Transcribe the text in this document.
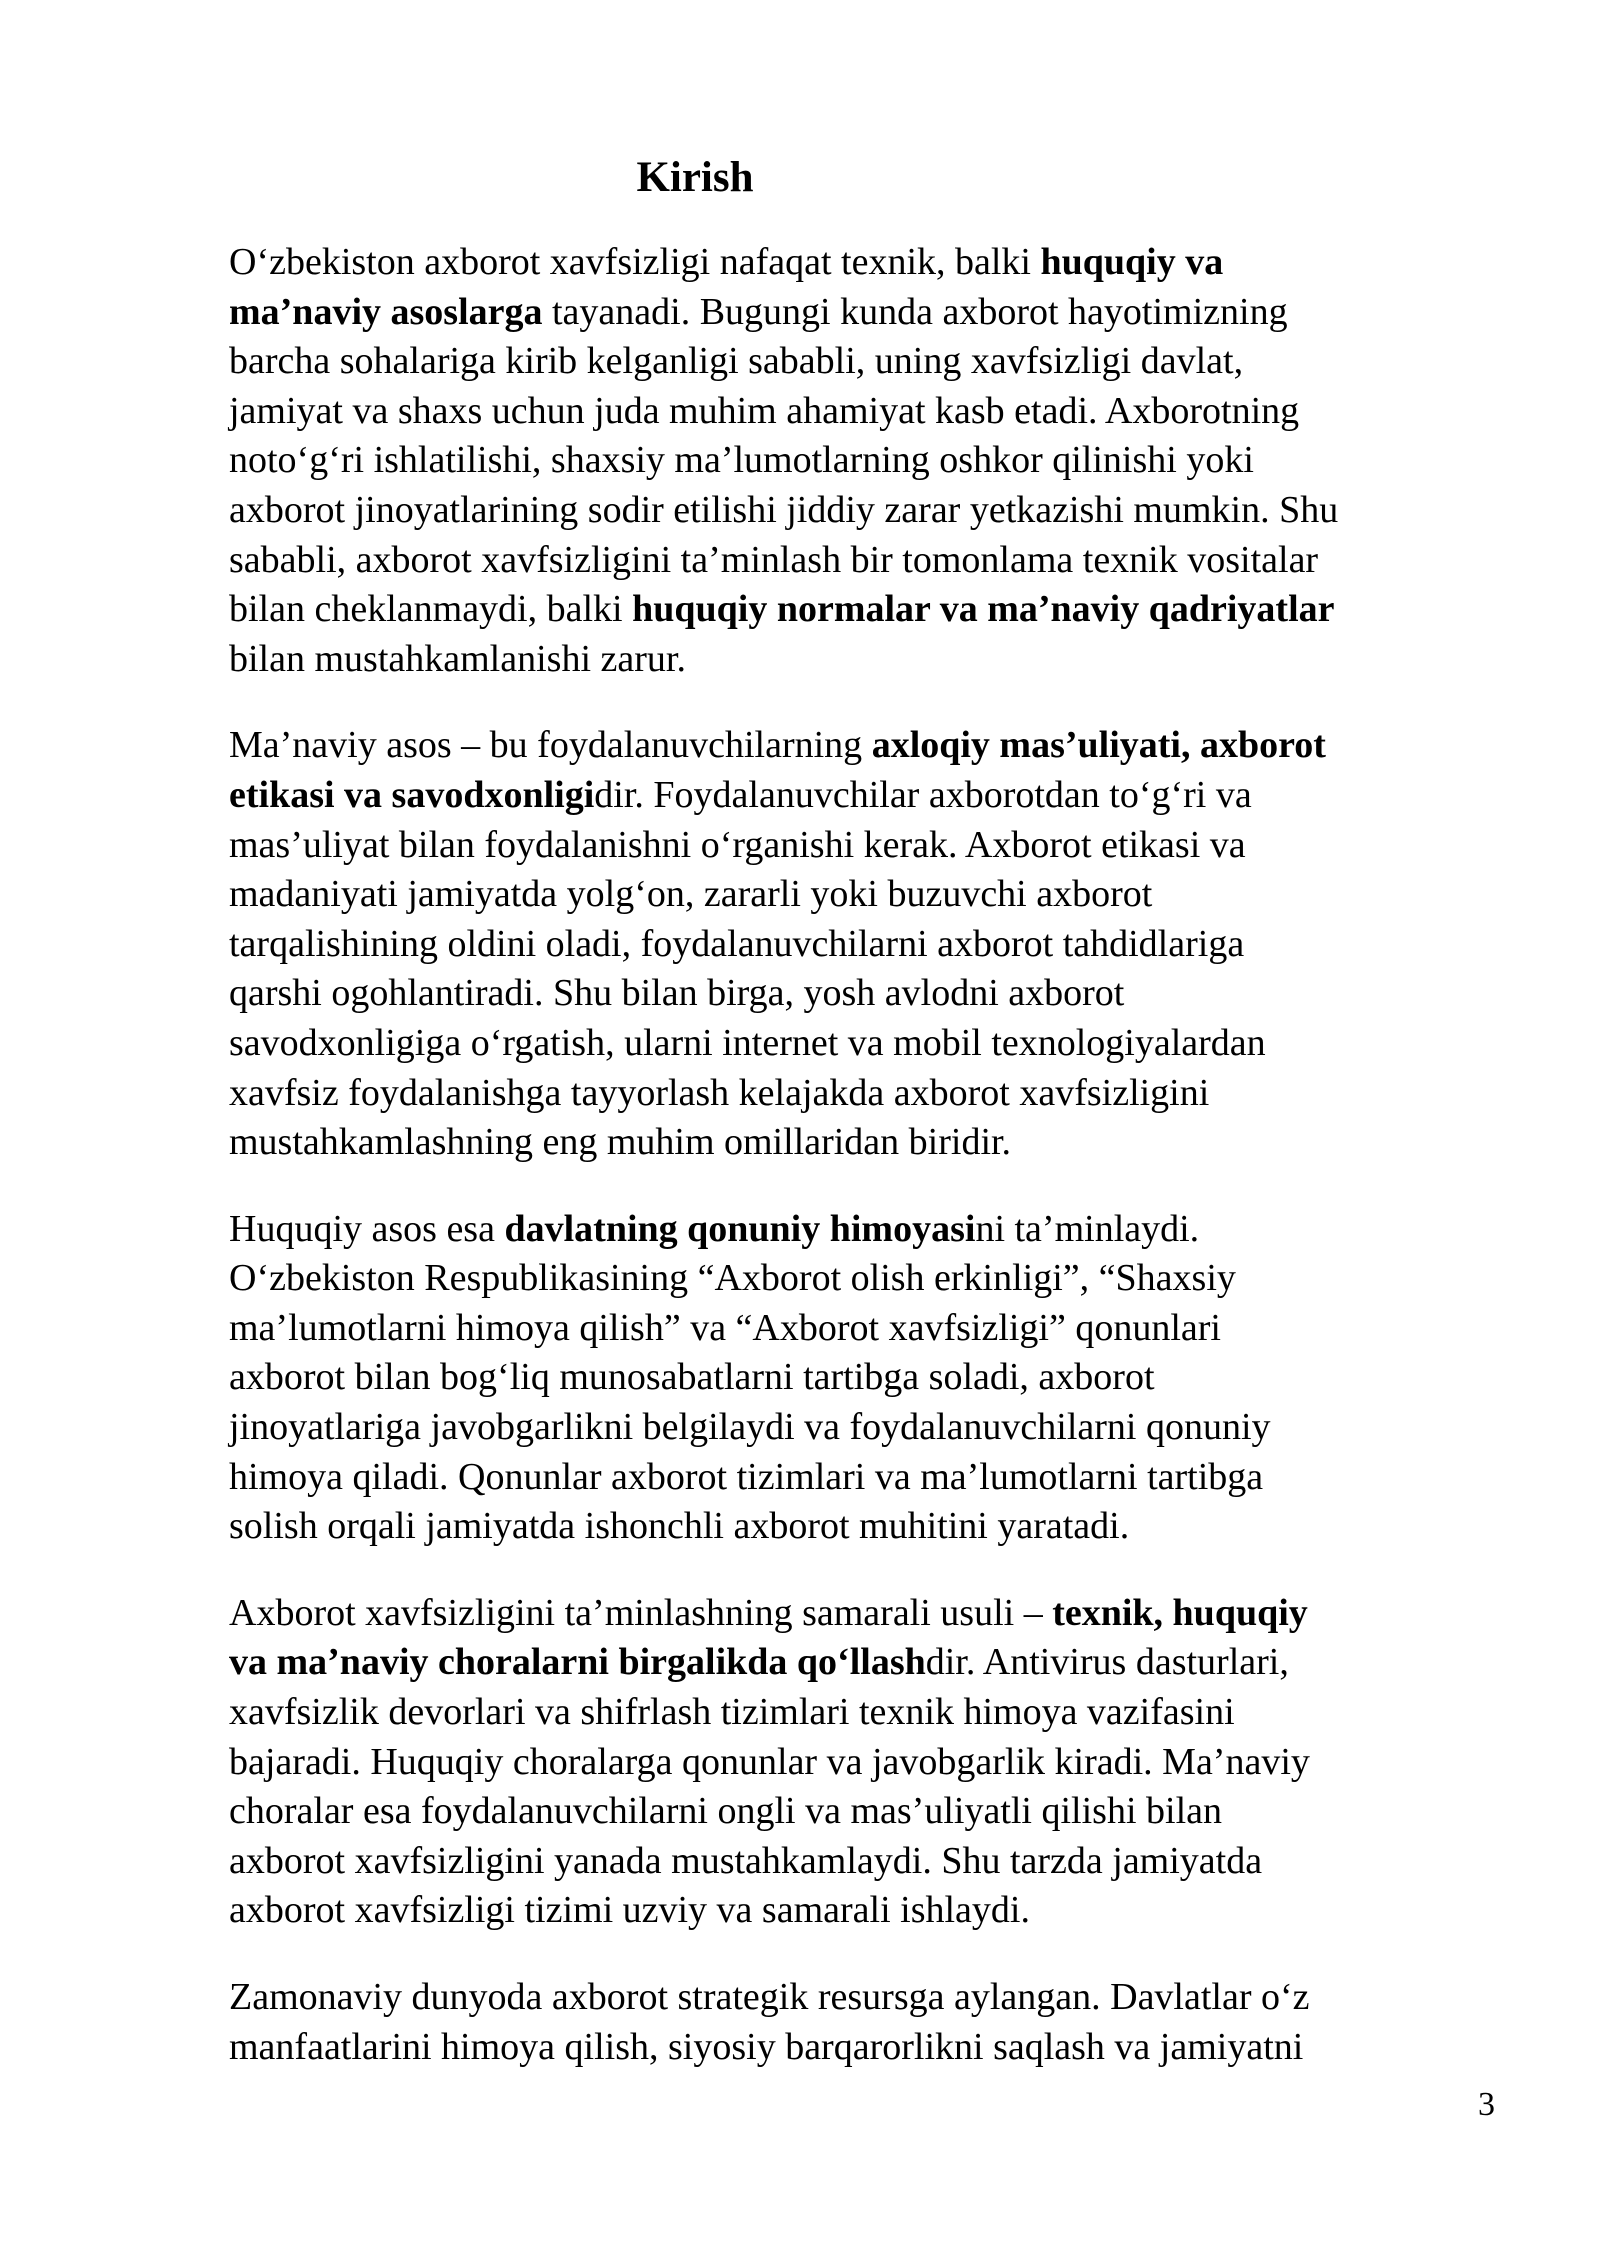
Kirish

O‘zbekiston axborot xavfsizligi nafaqat texnik, balki huquqiy va
ma’naviy asoslarga tayanadi. Bugungi kunda axborot hayotimizning
barcha sohalariga kirib kelganligi sababli, uning xavfsizligi davlat,
jamiyat va shaxs uchun juda muhim ahamiyat kasb etadi. Axborotning
noto‘g‘ri ishlatilishi, shaxsiy ma’lumotlarning oshkor qilinishi yoki
axborot jinoyatlarining sodir etilishi jiddiy zarar yetkazishi mumkin. Shu
sababli, axborot xavfsizligini ta’minlash bir tomonlama texnik vositalar
bilan cheklanmaydi, balki huquqiy normalar va ma’naviy qadriyatlar
bilan mustahkamlanishi zarur.

Ma’naviy asos – bu foydalanuvchilarning axloqiy mas’uliyati, axborot
etikasi va savodxonligidir. Foydalanuvchilar axborotdan to‘g‘ri va
mas’uliyat bilan foydalanishni o‘rganishi kerak. Axborot etikasi va
madaniyati jamiyatda yolg‘on, zararli yoki buzuvchi axborot
tarqalishining oldini oladi, foydalanuvchilarni axborot tahdidlariga
qarshi ogohlantiradi. Shu bilan birga, yosh avlodni axborot
savodxonligiga o‘rgatish, ularni internet va mobil texnologiyalardan
xavfsiz foydalanishga tayyorlash kelajakda axborot xavfsizligini
mustahkamlashning eng muhim omillaridan biridir.

Huquqiy asos esa davlatning qonuniy himoyasini ta’minlaydi.
O‘zbekiston Respublikasining “Axborot olish erkinligi”, “Shaxsiy
ma’lumotlarni himoya qilish” va “Axborot xavfsizligi” qonunlari
axborot bilan bog‘liq munosabatlarni tartibga soladi, axborot
jinoyatlariga javobgarlikni belgilaydi va foydalanuvchilarni qonuniy
himoya qiladi. Qonunlar axborot tizimlari va ma’lumotlarni tartibga
solish orqali jamiyatda ishonchli axborot muhitini yaratadi.

Axborot xavfsizligini ta’minlashning samarali usuli – texnik, huquqiy
va ma’naviy choralarni birgalikda qo‘llashdir. Antivirus dasturlari,
xavfsizlik devorlari va shifrlash tizimlari texnik himoya vazifasini
bajaradi. Huquqiy choralarga qonunlar va javobgarlik kiradi. Ma’naviy
choralar esa foydalanuvchilarni ongli va mas’uliyatli qilishi bilan
axborot xavfsizligini yanada mustahkamlaydi. Shu tarzda jamiyatda
axborot xavfsizligi tizimi uzviy va samarali ishlaydi.

Zamonaviy dunyoda axborot strategik resursga aylangan. Davlatlar o‘z
manfaatlarini himoya qilish, siyosiy barqarorlikni saqlash va jamiyatni

3
